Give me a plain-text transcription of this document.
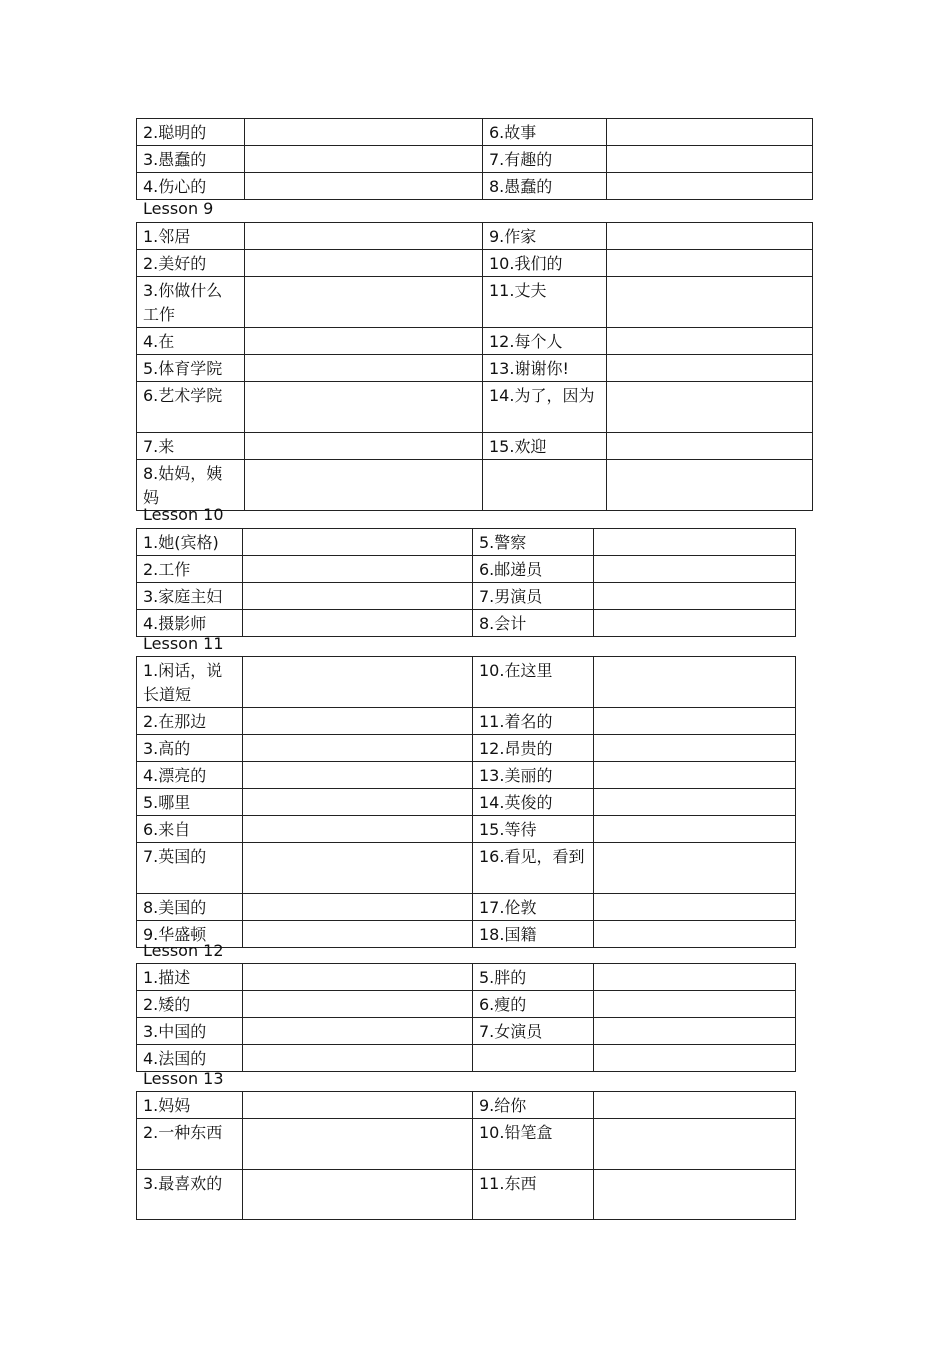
2.聪明的		6.故事	
3.愚蠢的		7.有趣的	
4.伤心的		8.愚蠢的	
Lesson 9
1.邻居		9.作家	
2.美好的		10.我们的	
3.你做什么工作		11.丈夫	
4.在		12.每个人	
5.体育学院		13.谢谢你!	
6.艺术学院		14.为了，因为	
7.来		15.欢迎	
8.姑妈，姨妈			
Lesson 10
1.她(宾格)		5.警察	
2.工作		6.邮递员	
3.家庭主妇		7.男演员	
4.摄影师		8.会计	
Lesson 11
1.闲话，说长道短		10.在这里	
2.在那边		11.着名的	
3.高的		12.昂贵的	
4.漂亮的		13.美丽的	
5.哪里		14.英俊的	
6.来自		15.等待	
7.英国的		16.看见，看到	
8.美国的		17.伦敦	
9.华盛顿		18.国籍	
Lesson 12
1.描述		5.胖的	
2.矮的		6.瘦的	
3.中国的		7.女演员	
4.法国的			
Lesson 13
1.妈妈		9.给你	
2.一种东西		10.铅笔盒	
3.最喜欢的		11.东西	
